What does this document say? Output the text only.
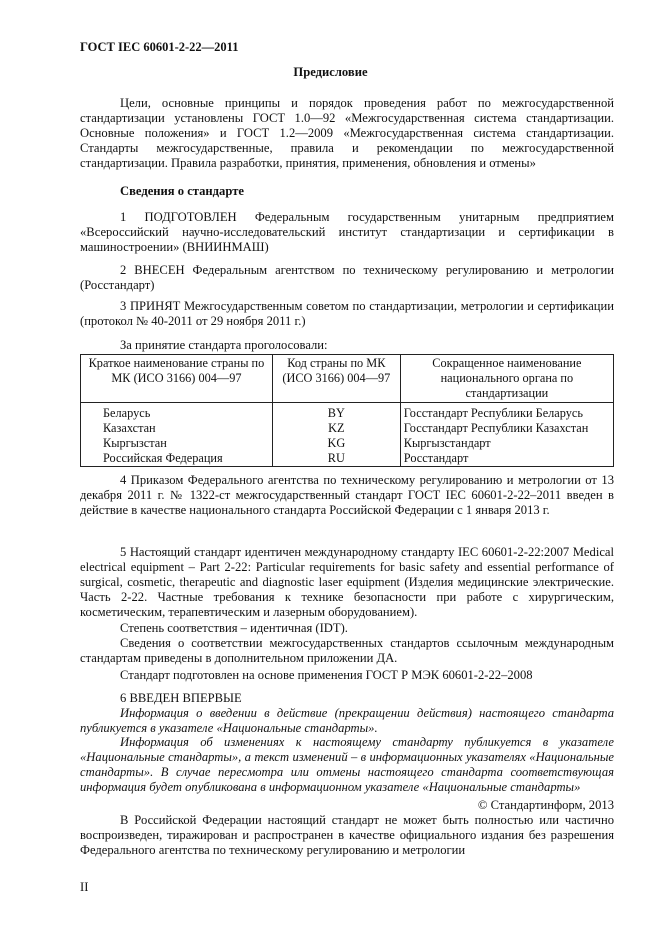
ГОСТ IEC 60601-2-22—2011
Предисловие
Цели, основные принципы и порядок проведения работ по межгосударственной стандартизации установлены ГОСТ 1.0—92 «Межгосударственная система стандартизации. Основные положения» и ГОСТ 1.2—2009 «Межгосударственная система стандартизации. Стандарты межгосударственные, правила и рекомендации по межгосударственной стандартизации. Правила разработки, принятия, применения, обновления и отмены»
Сведения о стандарте
1 ПОДГОТОВЛЕН Федеральным государственным унитарным предприятием «Всероссийский научно-исследовательский институт стандартизации и сертификации в машиностроении» (ВНИИНМАШ)
2 ВНЕСЕН Федеральным агентством по техническому регулированию и метрологии (Росстандарт)
3 ПРИНЯТ Межгосударственным советом по стандартизации, метрологии и сертификации (протокол № 40-2011 от 29 ноября 2011 г.)
За принятие стандарта проголосовали:
Краткое наименование страны по МК (ИСО 3166) 004—97	Код страны по МК (ИСО 3166) 004—97	Сокращенное наименование национального органа по стандартизации
Беларусь	BY	Госстандарт Республики Беларусь
Казахстан	KZ	Госстандарт Республики Казахстан
Кыргызстан	KG	Кыргызстандарт
Российская Федерация	RU	Росстандарт
4 Приказом Федерального агентства по техническому регулированию и метрологии от 13 декабря 2011 г. № 1322-ст межгосударственный стандарт ГОСТ IEC 60601-2-22–2011 введен в действие в качестве национального стандарта Российской Федерации с 1 января 2013 г.
5 Настоящий стандарт идентичен международному стандарту IEC 60601-2-22:2007 Medical electrical equipment – Part 2-22: Particular requirements for basic safety and essential performance of surgical, cosmetic, therapeutic and diagnostic laser equipment (Изделия медицинские электрические. Часть 2-22. Частные требования к технике безопасности при работе с хирургическим, косметическим, терапевтическим и лазерным оборудованием).
Степень соответствия – идентичная (IDT).
Сведения о соответствии межгосударственных стандартов ссылочным международным стандартам приведены в дополнительном приложении ДА.
Стандарт подготовлен на основе применения ГОСТ Р МЭК 60601-2-22–2008
6 ВВЕДЕН ВПЕРВЫЕ
Информация о введении в действие (прекращении действия) настоящего стандарта публикуется в указателе «Национальные стандарты».
Информация об изменениях к настоящему стандарту публикуется в указателе «Национальные стандарты», а текст изменений – в информационных указателях «Национальные стандарты». В случае пересмотра или отмены настоящего стандарта соответствующая информация будет опубликована в информационном указателе «Национальные стандарты»
© Стандартинформ, 2013
В Российской Федерации настоящий стандарт не может быть полностью или частично воспроизведен, тиражирован и распространен в качестве официального издания без разрешения Федерального агентства по техническому регулированию и метрологии
II
